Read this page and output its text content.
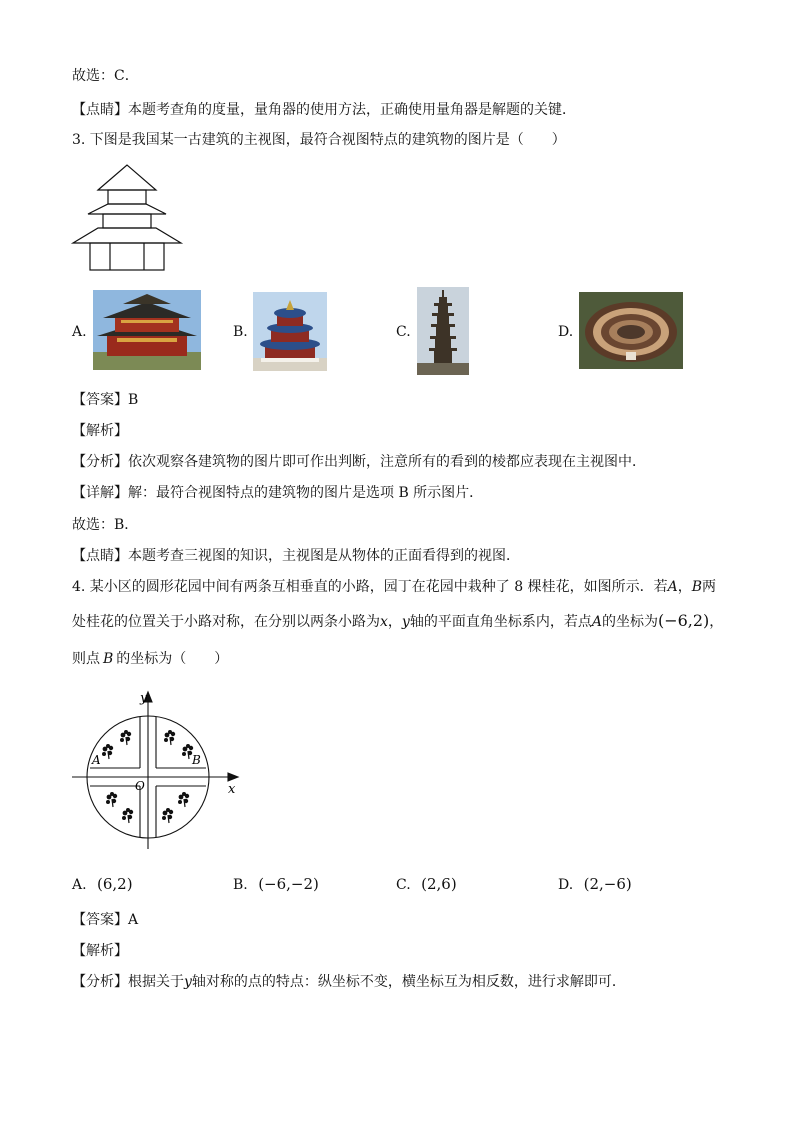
故选：C．
【点睛】本题考查角的度量，量角器的使用方法，正确使用量角器是解题的关键．
3. 下图是我国某一古建筑的主视图，最符合视图特点的建筑物的图片是（　　）
A.	B.	C.	D.
【答案】B
【解析】
【分析】依次观察各建筑物的图片即可作出判断，注意所有的看到的棱都应表现在主视图中．
【详解】解：最符合视图特点的建筑物的图片是选项 B 所示图片．
故选：B．
【点睛】本题考查三视图的知识，主视图是从物体的正面看得到的视图．
4. 某小区的圆形花园中间有两条互相垂直的小路，园丁在花园中栽种了 8 棵桂花，如图所示．若A，B两
处桂花的位置关于小路对称，在分别以两条小路为x，y轴的平面直角坐标系内，若点A的坐标为(−6,2)，
则点 B 的坐标为（　　）
y
x
O
A	B
A. (6,2)	B. (−6,−2)	C. (2,6)	D. (2,−6)
【答案】A
【解析】
【分析】根据关于y轴对称的点的特点：纵坐标不变，横坐标互为相反数，进行求解即可．
